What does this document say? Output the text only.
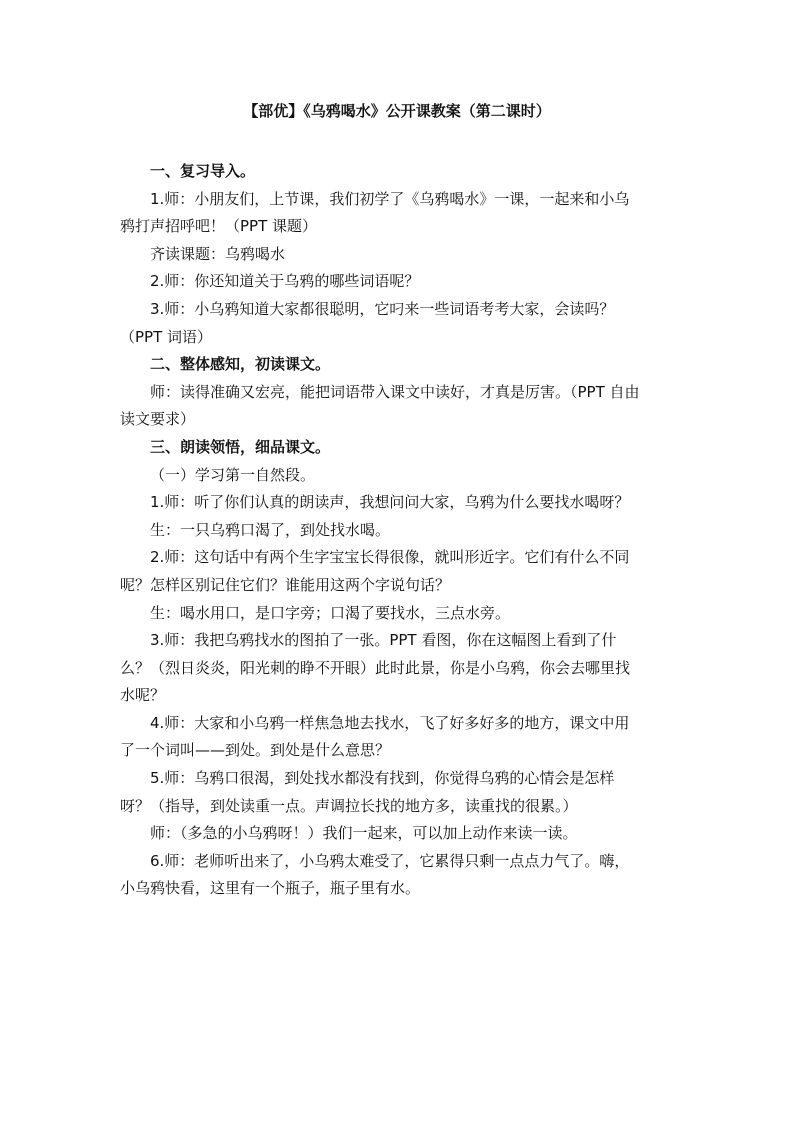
【部优】《乌鸦喝水》公开课教案（第二课时）
一、复习导入。
1.师：小朋友们，上节课，我们初学了《乌鸦喝水》一课，一起来和小乌
鸦打声招呼吧！（PPT 课题）
齐读课题：乌鸦喝水
2.师：你还知道关于乌鸦的哪些词语呢？
3.师：小乌鸦知道大家都很聪明，它叼来一些词语考考大家，会读吗？
（PPT 词语）
二、整体感知，初读课文。
师：读得准确又宏亮，能把词语带入课文中读好，才真是厉害。（PPT 自由
读文要求）
三、朗读领悟，细品课文。
（一）学习第一自然段。
1.师：听了你们认真的朗读声，我想问问大家，乌鸦为什么要找水喝呀？
生：一只乌鸦口渴了，到处找水喝。
2.师：这句话中有两个生字宝宝长得很像，就叫形近字。它们有什么不同
呢？怎样区别记住它们？谁能用这两个字说句话？
生：喝水用口，是口字旁；口渴了要找水，三点水旁。
3.师：我把乌鸦找水的图拍了一张。PPT 看图，你在这幅图上看到了什
么？（烈日炎炎，阳光刺的睁不开眼）此时此景，你是小乌鸦，你会去哪里找
水呢？
4.师：大家和小乌鸦一样焦急地去找水，飞了好多好多的地方，课文中用
了一个词叫——到处。到处是什么意思？
5.师：乌鸦口很渴，到处找水都没有找到，你觉得乌鸦的心情会是怎样
呀？（指导，到处读重一点。声调拉长找的地方多，读重找的很累。）
师：（多急的小乌鸦呀！）我们一起来，可以加上动作来读一读。
6.师：老师听出来了，小乌鸦太难受了，它累得只剩一点点力气了。嗨，
小乌鸦快看，这里有一个瓶子，瓶子里有水。
